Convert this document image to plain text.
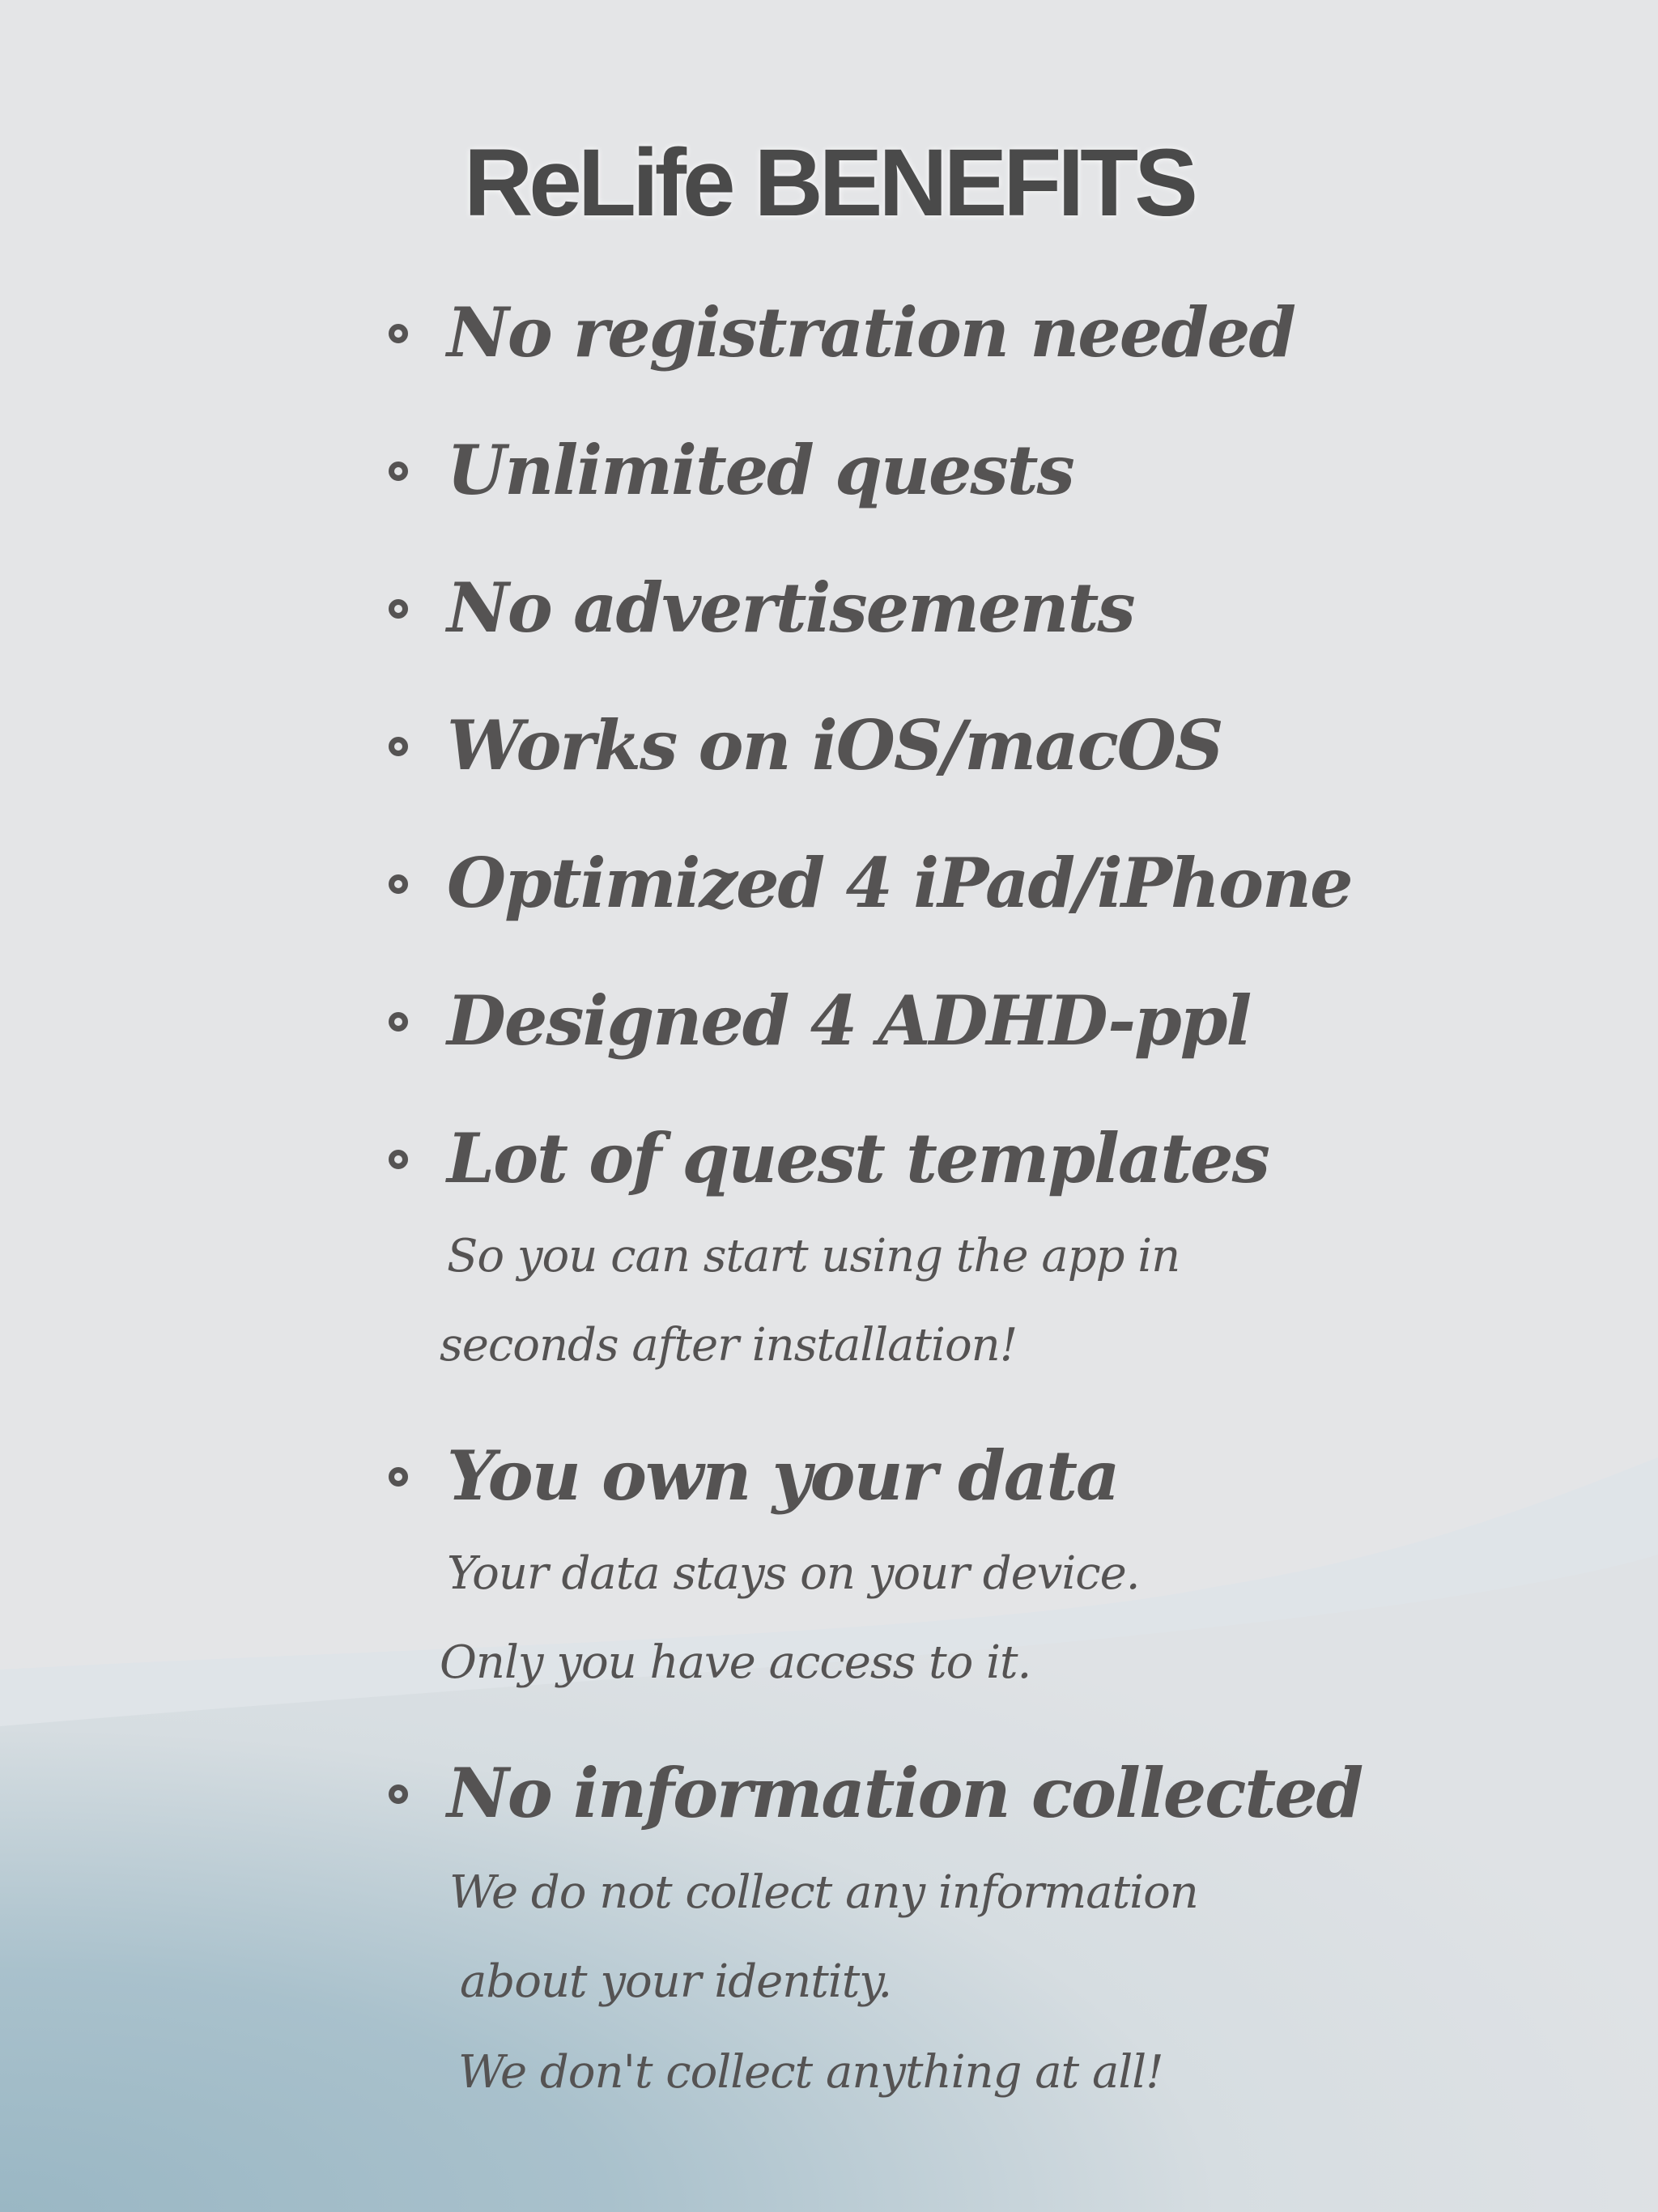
ReLife BENEFITS
No registration needed
Unlimited quests
No advertisements
Works on iOS/macOS
Optimized 4 iPad/iPhone
Designed 4 ADHD-ppl
Lot of quest templates
So you can start using the app in
seconds after installation!
You own your data
Your data stays on your device.
Only you have access to it.
No information collected
We do not collect any information
about your identity.
We don't collect anything at all!
